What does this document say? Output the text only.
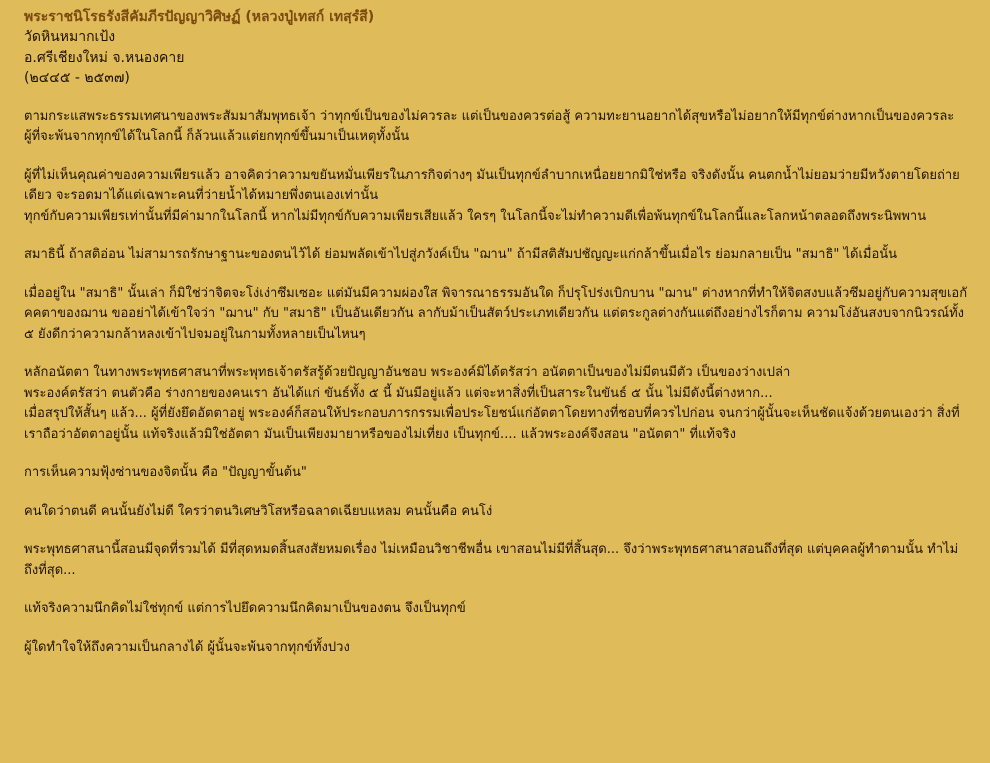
พระราชนิโรธรังสีคัมภีรปัญญาวิศิษฏ์ (หลวงปู่เทสก์ เทสฺรํสี)

วัดหินหมากเป้ง

อ.ศรีเชียงใหม่ จ.หนองคาย

(๒๔๔๕ - ๒๕๓๗)

ตามกระแสพระธรรมเทศนาของพระสัมมาสัมพุทธเจ้า ว่าทุกข์เป็นของไม่ควรละ แต่เป็นของควรต่อสู้ ความทะยานอยากได้สุขหรือไม่อยากให้มีทุกข์ต่างหากเป็นของควรละ
ผู้ที่จะพ้นจากทุกข์ได้ในโลกนี้ ก็ล้วนแล้วแต่ยกทุกข์ขึ้นมาเป็นเหตุทั้งนั้น

ผู้ที่ไม่เห็นคุณค่าของความเพียรแล้ว อาจคิดว่าความขยันหมั่นเพียรในภารกิจต่างๆ มันเป็นทุกข์ลำบากเหนื่อยยากมิใช่หรือ จริงดังนั้น คนตกน้ำไม่ยอมว่ายมีหวังตายโดยถ่ายเดียว จะรอดมาได้แต่เฉพาะคนที่ว่ายน้ำได้หมายพึ่งตนเองเท่านั้น
ทุกข์กับความเพียรเท่านั้นที่มีค่ามากในโลกนี้ หากไม่มีทุกข์กับความเพียรเสียแล้ว ใครๆ ในโลกนี้จะไม่ทำความดีเพื่อพ้นทุกข์ในโลกนี้และโลกหน้าตลอดถึงพระนิพพาน

สมาธินี้ ถ้าสติอ่อน ไม่สามารถรักษาฐานะของตนไว้ได้ ย่อมพลัดเข้าไปสู่ภวังค์เป็น "ฌาน" ถ้ามีสติสัมปชัญญะแก่กล้าขึ้นเมื่อไร ย่อมกลายเป็น "สมาธิ" ได้เมื่อนั้น

เมื่ออยู่ใน "สมาธิ" นั้นเล่า ก็มิใช่ว่าจิตจะโง่เง่าซึมเซอะ แต่มันมีความผ่องใส พิจารณาธรรมอันใด ก็ปรุโปร่งเบิกบาน "ฌาน" ต่างหากที่ทำให้จิตสงบแล้วซึมอยู่กับความสุขเอกัคคตาของฌาน ขออย่าได้เข้าใจว่า "ฌาน" กับ "สมาธิ" เป็นอันเดียวกัน ลากับม้าเป็นสัตว์ประเภทเดียวกัน แต่ตระกูลต่างกันแต่ถึงอย่างไรก็ตาม ความโง่อันสงบจากนิวรณ์ทั้ง ๕ ยังดีกว่าความกล้าหลงเข้าไปจมอยู่ในกามทั้งหลายเป็นไหนๆ

หลักอนัตตา ในทางพระพุทธศาสนาที่พระพุทธเจ้าตรัสรู้ด้วยปัญญาอันชอบ พระองค์มิได้ตรัสว่า อนัตตาเป็นของไม่มีตนมีตัว เป็นของว่างเปล่า
พระองค์ตรัสว่า ตนตัวคือ ร่างกายของคนเรา อันได้แก่ ขันธ์ทั้ง ๕ นี้ มันมีอยู่แล้ว แต่จะหาสิ่งที่เป็นสาระในขันธ์ ๕ นั้น ไม่มีดังนี้ต่างหาก...
เมื่อสรุปให้สั้นๆ แล้ว... ผู้ที่ยังยึดอัตตาอยู่ พระองค์ก็สอนให้ประกอบภารกรรมเพื่อประโยชน์แก่อัตตาโดยทางที่ชอบที่ควรไปก่อน จนกว่าผู้นั้นจะเห็นชัดแจ้งด้วยตนเองว่า สิ่งที่เราถือว่าอัตตาอยู่นั้น แท้จริงแล้วมิใช่อัตตา มันเป็นเพียงมายาหรือของไม่เที่ยง เป็นทุกข์.... แล้วพระองค์จึงสอน "อนัตตา" ที่แท้จริง

การเห็นความฟุ้งซ่านของจิตนั้น คือ "ปัญญาขั้นต้น"

คนใดว่าตนดี คนนั้นยังไม่ดี ใครว่าตนวิเศษวิโสหรือฉลาดเฉียบแหลม คนนั้นคือ คนโง่

พระพุทธศาสนานี้สอนมีจุดที่รวมได้ มีที่สุดหมดสิ้นสงสัยหมดเรื่อง ไม่เหมือนวิชาชีพอื่น เขาสอนไม่มีที่สิ้นสุด... จึงว่าพระพุทธศาสนาสอนถึงที่สุด แต่บุคคลผู้ทำตามนั้น ทำไม่ถึงที่สุด...

แท้จริงความนึกคิดไม่ใช่ทุกข์ แต่การไปยึดความนึกคิดมาเป็นของตน จึงเป็นทุกข์

ผู้ใดทำใจให้ถึงความเป็นกลางได้ ผู้นั้นจะพ้นจากทุกข์ทั้งปวง
